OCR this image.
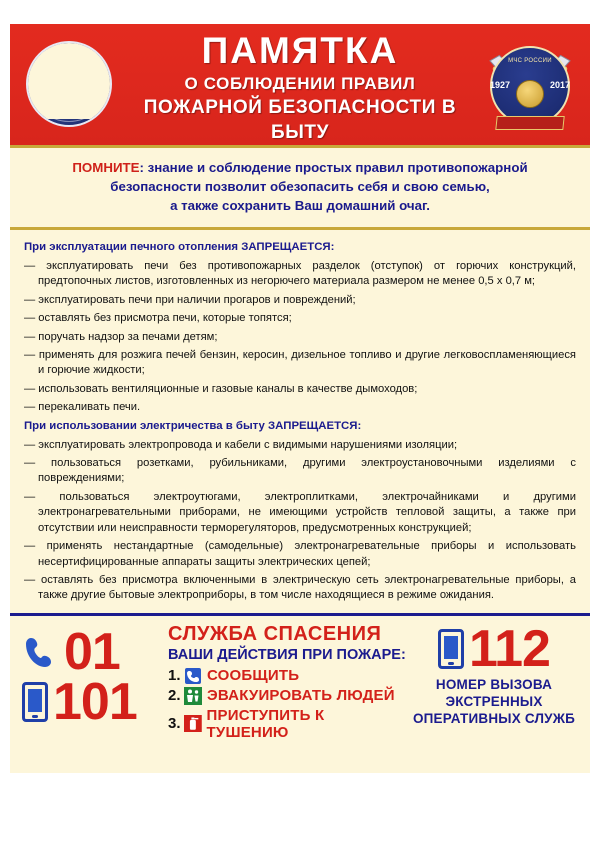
ПАМЯТКА
О СОБЛЮДЕНИИ ПРАВИЛ
ПОЖАРНОЙ БЕЗОПАСНОСТИ В БЫТУ
МЧС РОССИИ
1927	2017

ПОМНИТЕ: знание и соблюдение простых правил противопожарной

безопасности позволит обезопасить себя и свою семью,

а также сохранить Ваш домашний очаг.

При эксплуатации печного отопления ЗАПРЕЩАЕТСЯ:

— эксплуатировать печи без противопожарных разделок (отступок) от горючих конструкций, предтопочных листов, изготовленных из негорючего материала размером не менее 0,5 х 0,7 м;

— эксплуатировать печи при наличии прогаров и повреждений;

— оставлять без присмотра печи, которые топятся;

— поручать надзор за печами детям;

— применять для розжига печей бензин, керосин, дизельное топливо и другие легковоспламеняющиеся и горючие жидкости;

— использовать вентиляционные и газовые каналы в качестве дымоходов;

— перекаливать печи.

При использовании электричества в быту ЗАПРЕЩАЕТСЯ:

— эксплуатировать электропровода и кабели с видимыми нарушениями изоляции;

— пользоваться розетками, рубильниками, другими электроустановочными изделиями с повреждениями;

— пользоваться электроутюгами, электроплитками, электрочайниками и другими электронагревательными приборами, не имеющими устройств тепловой защиты, а также при отсутствии или неисправности терморегуляторов, предусмотренных конструкцией;

— применять нестандартные (самодельные) электронагревательные приборы и использовать несертифицированные аппараты защиты электрических цепей;

— оставлять без присмотра включенными в электрическую сеть электронагревательные приборы, а также другие бытовые электроприборы, в том числе находящиеся в режиме ожидания.

01
101
СЛУЖБА СПАСЕНИЯ
ВАШИ ДЕЙСТВИЯ ПРИ ПОЖАРЕ:
1. СООБЩИТЬ
2. ЭВАКУИРОВАТЬ ЛЮДЕЙ
3. ПРИСТУПИТЬ К ТУШЕНИЮ
112
НОМЕР ВЫЗОВА
ЭКСТРЕННЫХ
ОПЕРАТИВНЫХ СЛУЖБ
